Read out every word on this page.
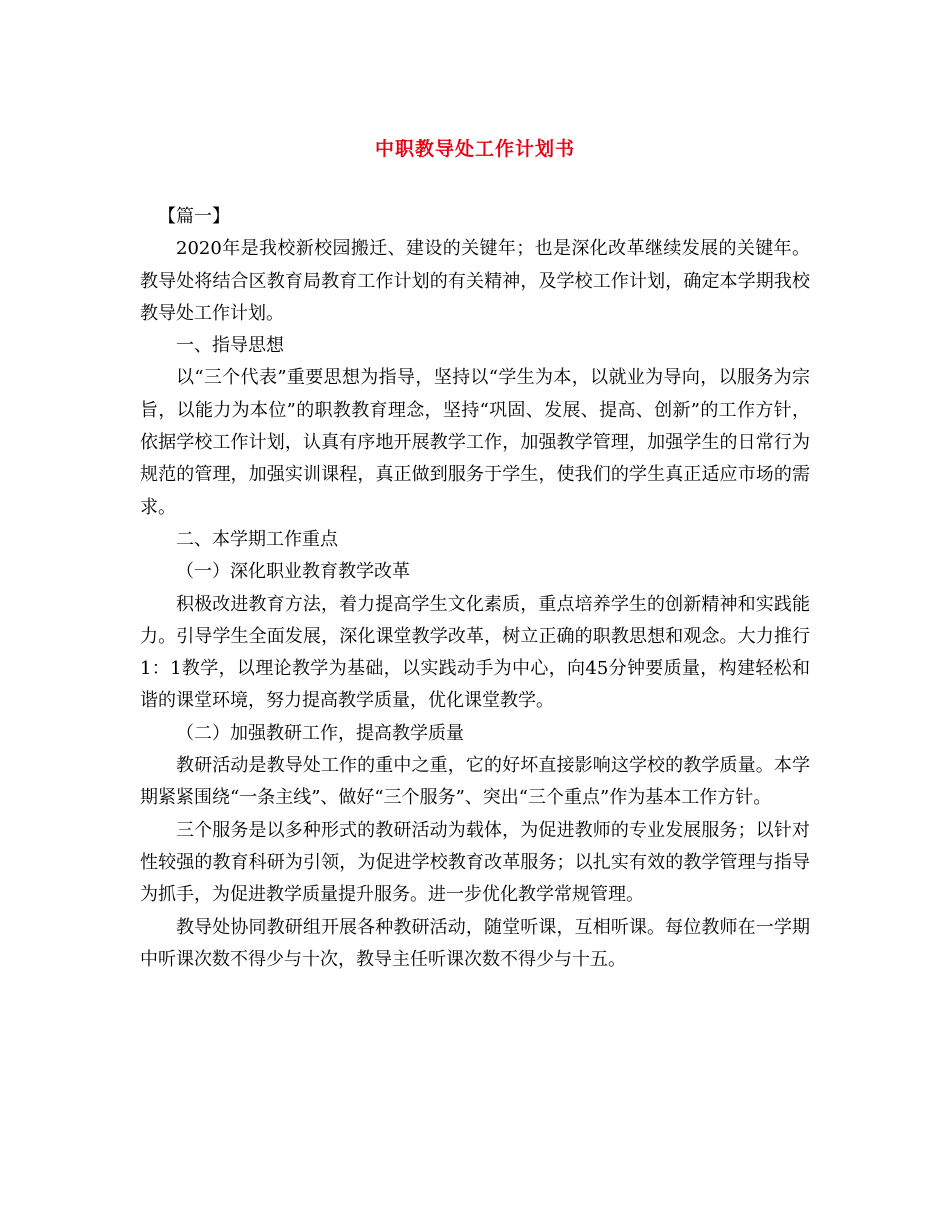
中职教导处工作计划书

【篇一】

2020年是我校新校园搬迁、建设的关键年；也是深化改革继续发展的关键年。教导处将结合区教育局教育工作计划的有关精神，及学校工作计划，确定本学期我校教导处工作计划。

一、指导思想

以“三个代表”重要思想为指导，坚持以“学生为本，以就业为导向，以服务为宗旨，以能力为本位”的职教教育理念，坚持“巩固、发展、提高、创新”的工作方针，依据学校工作计划，认真有序地开展教学工作，加强教学管理，加强学生的日常行为规范的管理，加强实训课程，真正做到服务于学生，使我们的学生真正适应市场的需求。

二、本学期工作重点

（一）深化职业教育教学改革

积极改进教育方法，着力提高学生文化素质，重点培养学生的创新精神和实践能力。引导学生全面发展，深化课堂教学改革，树立正确的职教思想和观念。大力推行1：1教学，以理论教学为基础，以实践动手为中心，向45分钟要质量，构建轻松和谐的课堂环境，努力提高教学质量，优化课堂教学。

（二）加强教研工作，提高教学质量

教研活动是教导处工作的重中之重，它的好坏直接影响这学校的教学质量。本学期紧紧围绕“一条主线”、做好“三个服务”、突出“三个重点”作为基本工作方针。

三个服务是以多种形式的教研活动为载体，为促进教师的专业发展服务；以针对性较强的教育科研为引领，为促进学校教育改革服务；以扎实有效的教学管理与指导为抓手，为促进教学质量提升服务。进一步优化教学常规管理。

教导处协同教研组开展各种教研活动，随堂听课，互相听课。每位教师在一学期中听课次数不得少与十次，教导主任听课次数不得少与十五。
